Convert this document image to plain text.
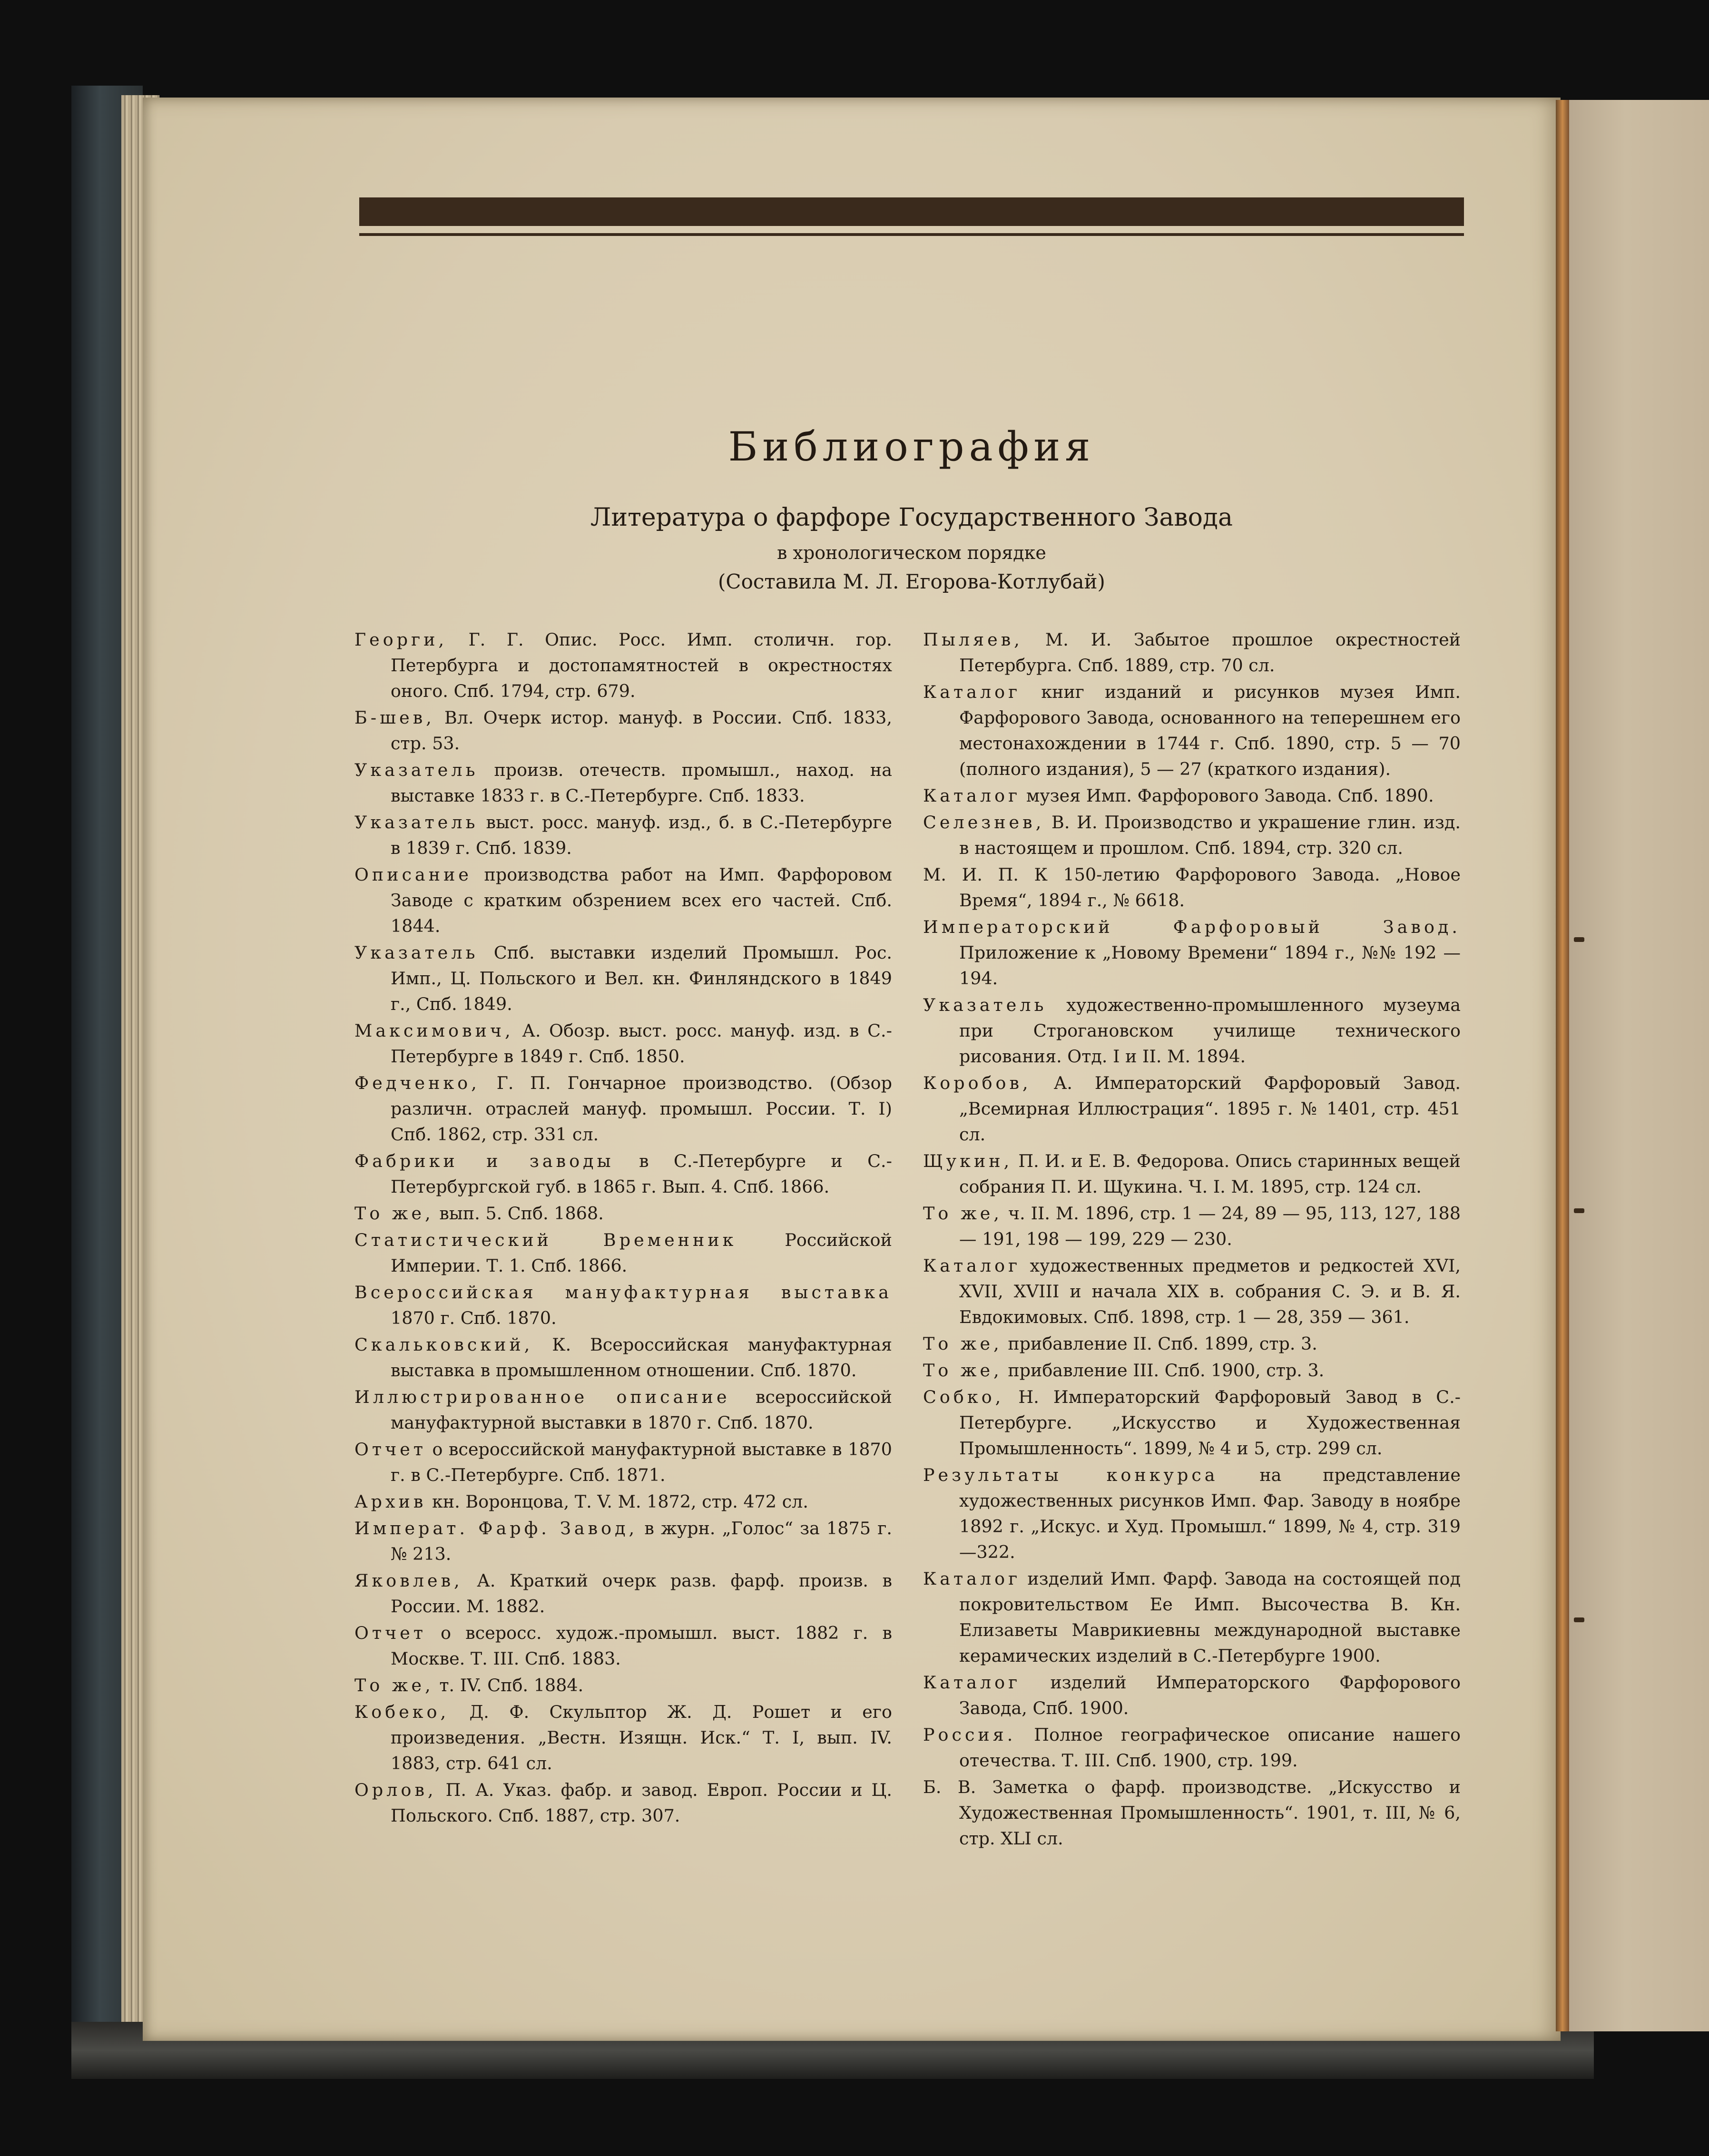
Библиография
Литература о фарфоре Государственного Завода
в хронологическом порядке
(Составила М. Л. Егорова-Котлубай)
Георги, Г. Г. Опис. Росс. Имп. столичн. гор. Петербурга и достопамятностей в окрестностях оного. Спб. 1794, стр. 679.
Б-шев, Вл. Очерк истор. мануф. в России. Спб. 1833, стр. 53.
Указатель произв. отечеств. промышл., наход. на выставке 1833 г. в С.-Петербурге. Спб. 1833.
Указатель выст. росс. мануф. изд., б. в С.-Петербурге в 1839 г. Спб. 1839.
Описание производства работ на Имп. Фарфоровом Заводе с кратким обзрением всех его частей. Спб. 1844.
Указатель Спб. выставки изделий Промышл. Рос. Имп., Ц. Польского и Вел. кн. Финляндского в 1849 г., Спб. 1849.
Максимович, А. Обозр. выст. росс. мануф. изд. в С.-Петербурге в 1849 г. Спб. 1850.
Федченко, Г. П. Гончарное производство. (Обзор различн. отраслей мануф. промышл. России. Т. I) Спб. 1862, стр. 331 сл.
Фабрики и заводы в С.-Петербурге и С.-Петербургской губ. в 1865 г. Вып. 4. Спб. 1866.
То же, вып. 5. Спб. 1868.
Статистический Временник	Российской Империи. Т. 1. Спб. 1866.
Всероссийская мануфактурная выставка 1870 г. Спб. 1870.
Скальковский, К. Всероссийская мануфактурная выставка в промышленном отношении. Спб. 1870.
Иллюстрированное описание всероссийской мануфактурной выставки в 1870 г. Спб. 1870.
Отчет о всероссийской мануфактурной выставке в 1870 г. в С.-Петербурге. Спб. 1871.
Архив кн. Воронцова, Т. V. М. 1872, стр. 472 сл.
Императ. Фарф. Завод, в журн. „Голос“ за 1875 г. № 213.
Яковлев, А. Краткий очерк разв. фарф. произв. в России. М. 1882.
Отчет о всеросс. худож.-промышл. выст. 1882 г. в Москве. Т. III. Спб. 1883.
То же, т. IV. Спб. 1884.
Кобеко, Д. Ф. Скульптор Ж. Д. Рошет и его произведения. „Вестн. Изящн. Иск.“ Т. I, вып. IV. 1883, стр. 641 сл.
Орлов, П. А. Указ. фабр. и завод. Европ. России и Ц. Польского. Спб. 1887, стр. 307.
Пыляев, М. И. Забытое прошлое окрестностей Петербурга. Спб. 1889, стр. 70 сл.
Каталог книг изданий и рисунков музея Имп. Фарфорового Завода, основанного на теперешнем его местонахождении в 1744 г. Спб. 1890, стр. 5 — 70 (полного издания), 5 — 27 (краткого издания).
Каталог музея Имп. Фарфорового Завода. Спб. 1890.
Селезнев, В. И. Производство и украшение глин. изд. в настоящем и прошлом. Спб. 1894, стр. 320 сл.
М. И. П. К 150-летию Фарфорового Завода. „Новое Время“, 1894 г., № 6618.
Императорский Фарфоровый Завод. Приложение к „Новому Времени“ 1894 г., №№ 192 — 194.
Указатель художественно-промышленного музеума при Строгановском училище технического рисования. Отд. I и II. М. 1894.
Коробов, А. Императорский Фарфоровый Завод. „Всемирная Иллюстрация“. 1895 г. № 1401, стр. 451 сл.
Щукин, П. И. и Е. В. Федорова. Опись старинных вещей собрания П. И. Щукина. Ч. I. М. 1895, стр. 124 сл.
То же, ч. II. М. 1896, стр. 1 — 24, 89 — 95, 113, 127, 188 — 191, 198 — 199, 229 — 230.
Каталог художественных предметов и редкостей XVI, XVII, XVIII и начала XIX в. собрания С. Э. и В. Я. Евдокимовых. Спб. 1898, стр. 1 — 28, 359 — 361.
То же, прибавление II. Спб. 1899, стр. 3.
То же, прибавление III. Спб. 1900, стр. 3.
Собко, Н. Императорский Фарфоровый Завод в С.-Петербурге. „Искусство и Художественная Промышленность“. 1899, № 4 и 5, стр. 299 сл.
Результаты конкурса на представление художественных рисунков Имп. Фар. Заводу в ноябре 1892 г. „Искус. и Худ. Промышл.“ 1899, № 4, стр. 319—322.
Каталог изделий Имп. Фарф. Завода на состоящей под покровительством Ее Имп. Высочества В. Кн. Елизаветы Маврикиевны международной выставке керамических изделий в С.-Петербурге 1900.
Каталог изделий Императорского Фарфорового Завода, Спб. 1900.
Россия. Полное географическое описание нашего отечества. Т. III. Спб. 1900, стр. 199.
Б. В. Заметка о фарф. производстве. „Искусство и Художественная Промышленность“. 1901, т. III, № 6, стр. XLI сл.
